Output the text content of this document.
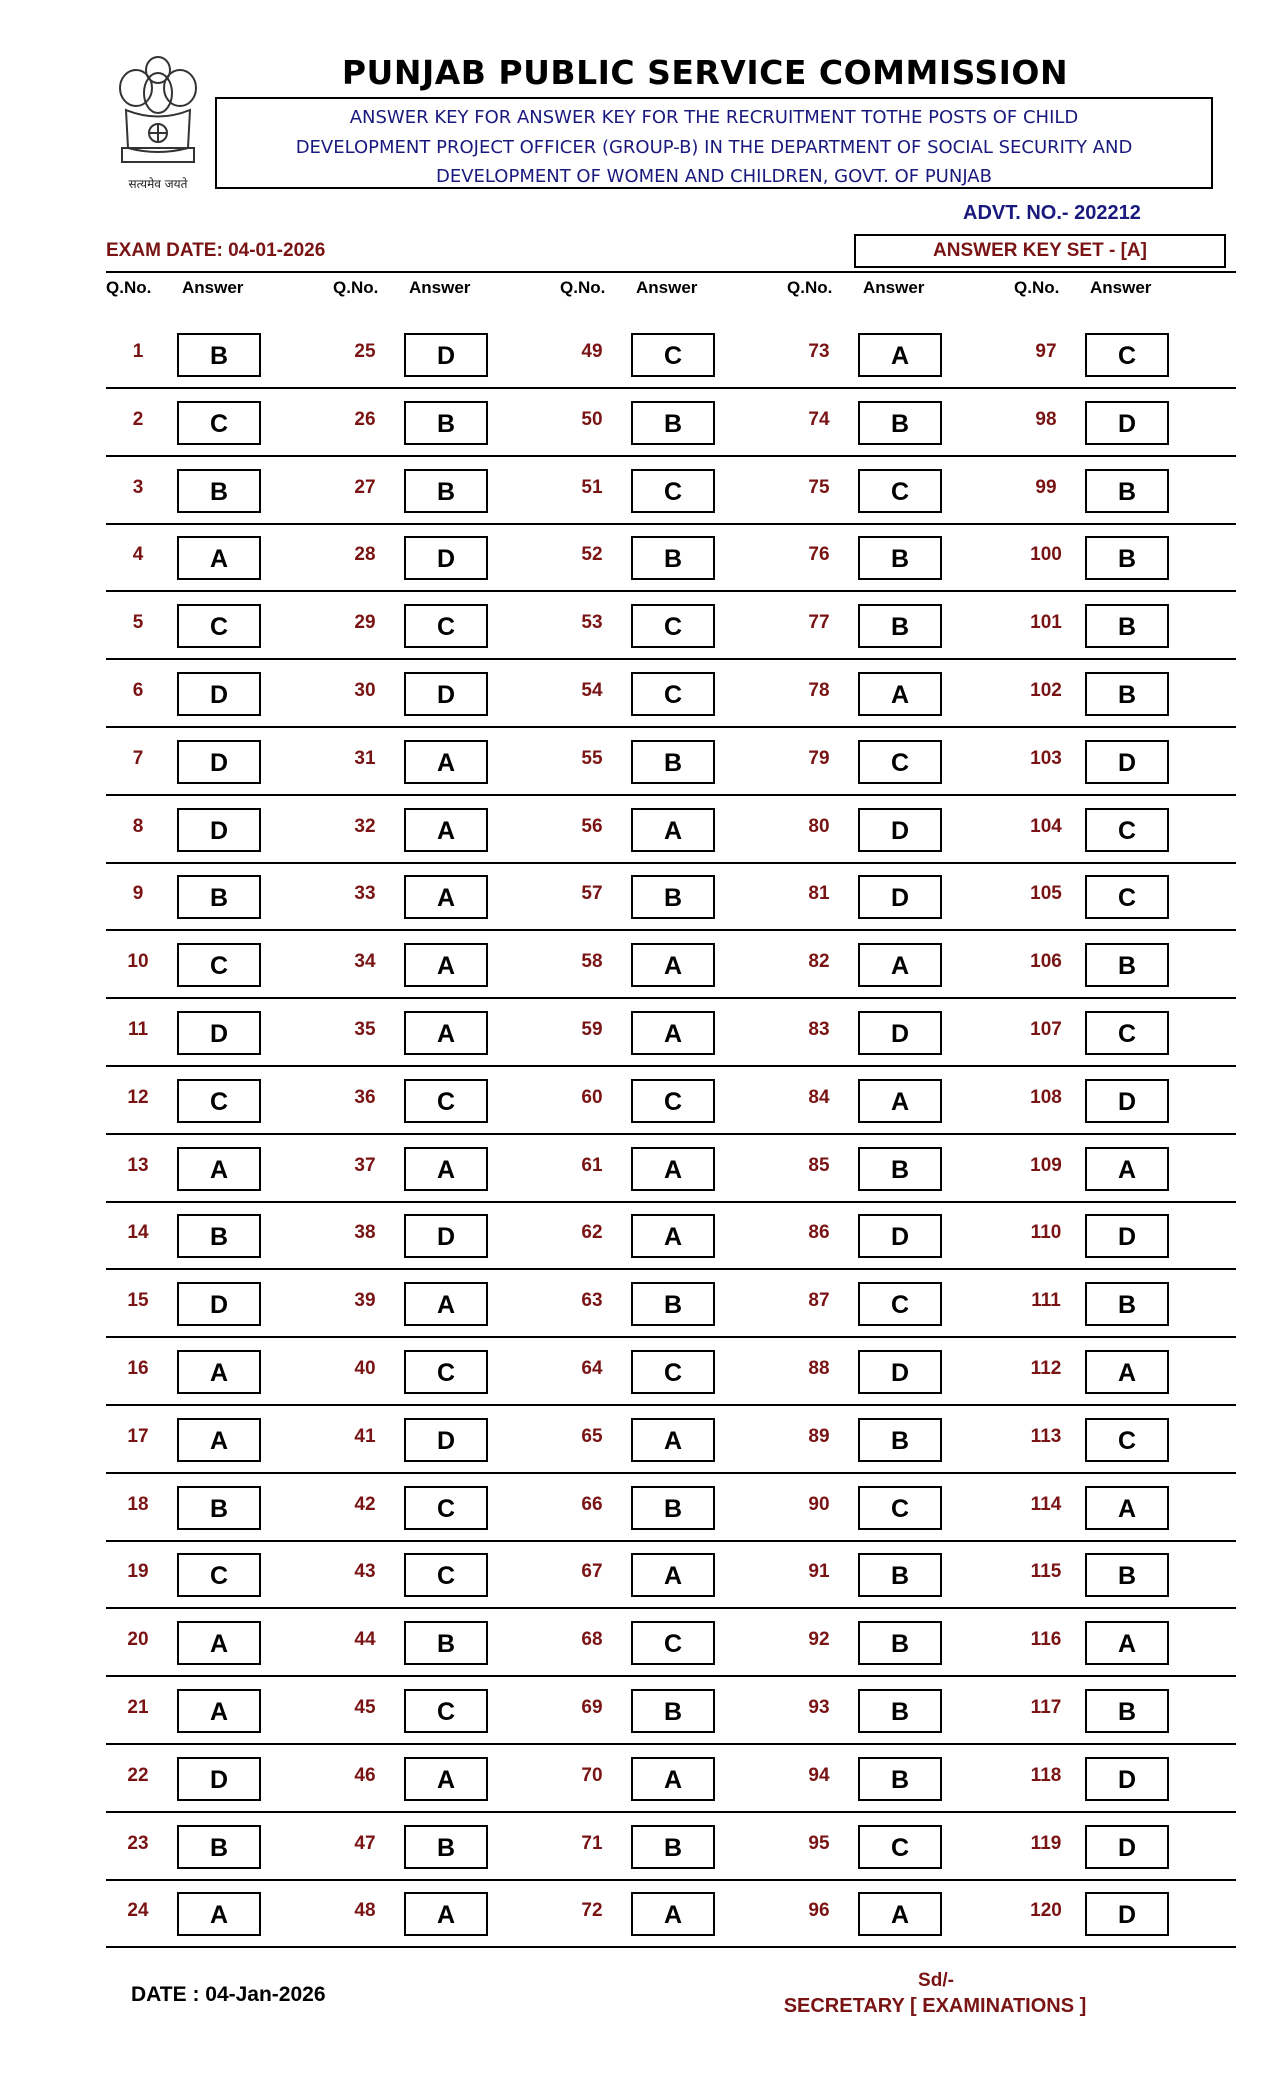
सत्यमेव जयते
PUNJAB PUBLIC SERVICE COMMISSION
ANSWER KEY FOR ANSWER KEY FOR THE RECRUITMENT TOTHE POSTS OF CHILD
DEVELOPMENT PROJECT OFFICER (GROUP-B) IN THE DEPARTMENT OF SOCIAL SECURITY AND
DEVELOPMENT OF WOMEN AND CHILDREN, GOVT. OF PUNJAB
ADVT. NO.- 202212
EXAM DATE: 04-01-2026	ANSWER KEY SET - [A]
Q.No. Answer	Q.No. Answer	Q.No. Answer	Q.No. Answer	Q.No. Answer
1	B	25	D	49	C	73	A	97	C
2	C	26	B	50	B	74	B	98	D
3	B	27	B	51	C	75	C	99	B
4	A	28	D	52	B	76	B	100	B
5	C	29	C	53	C	77	B	101	B
6	D	30	D	54	C	78	A	102	B
7	D	31	A	55	B	79	C	103	D
8	D	32	A	56	A	80	D	104	C
9	B	33	A	57	B	81	D	105	C
10	C	34	A	58	A	82	A	106	B
11	D	35	A	59	A	83	D	107	C
12	C	36	C	60	C	84	A	108	D
13	A	37	A	61	A	85	B	109	A
14	B	38	D	62	A	86	D	110	D
15	D	39	A	63	B	87	C	111	B
16	A	40	C	64	C	88	D	112	A
17	A	41	D	65	A	89	B	113	C
18	B	42	C	66	B	90	C	114	A
19	C	43	C	67	A	91	B	115	B
20	A	44	B	68	C	92	B	116	A
21	A	45	C	69	B	93	B	117	B
22	D	46	A	70	A	94	B	118	D
23	B	47	B	71	B	95	C	119	D
24	A	48	A	72	A	96	A	120	D
DATE : 04-Jan-2026
Sd/-
SECRETARY [ EXAMINATIONS ]
